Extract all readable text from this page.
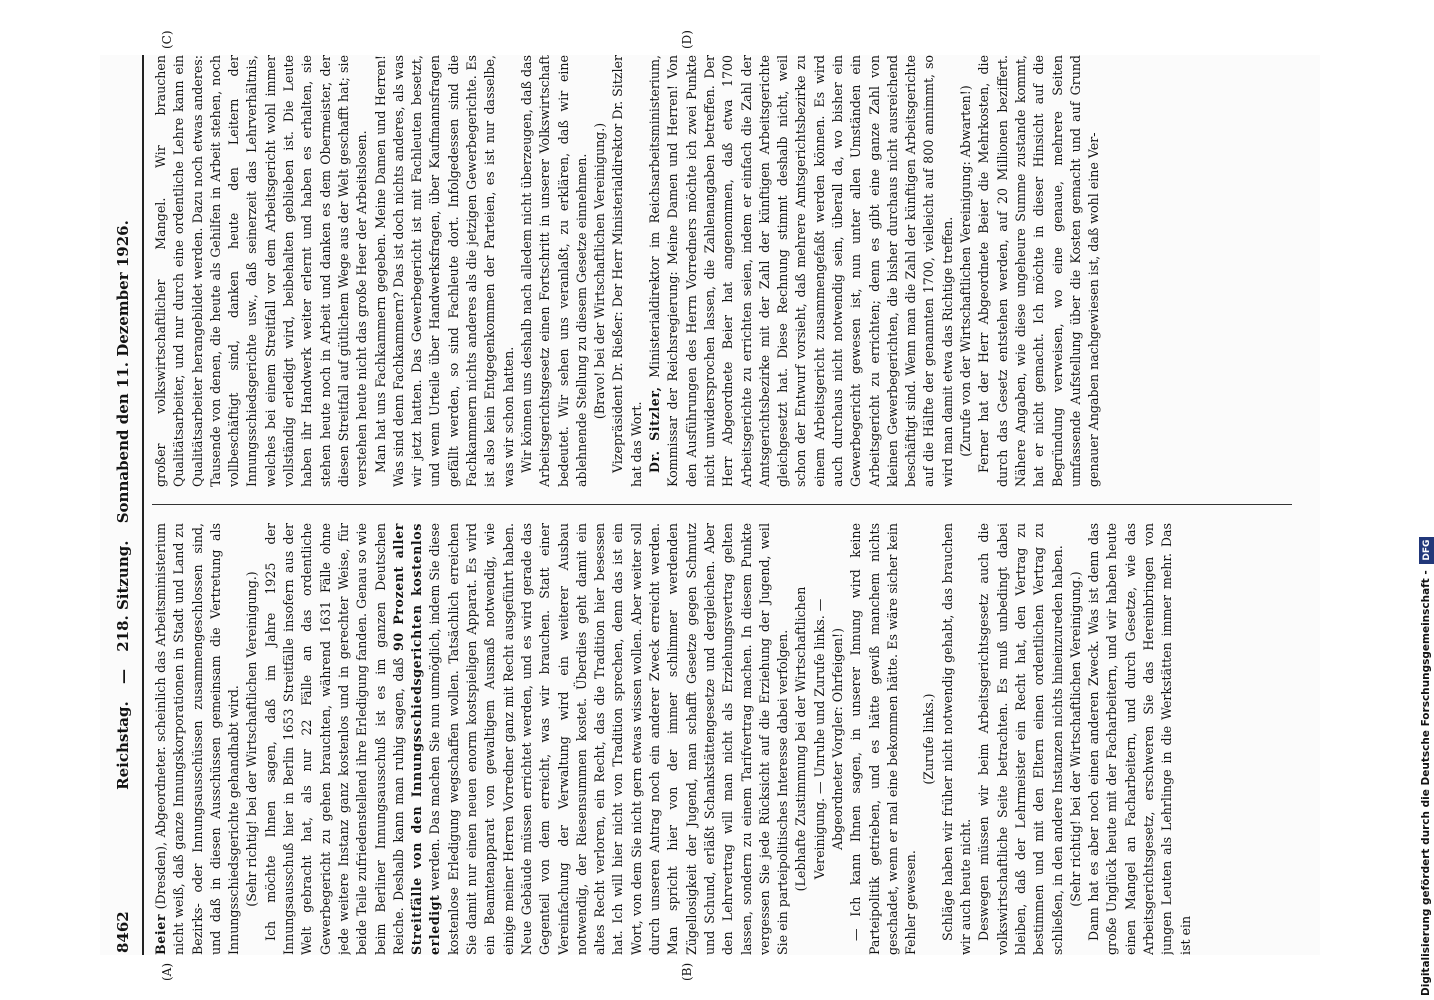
8462
Reichstag. — 218. Sitzung. Sonnabend den 11. Dezember 1926.
(A)	(B)
(C)	(D)

Beier (Dresden), Abgeordneter. scheinlich das Arbeitsministerium nicht weiß, daß ganze Innungskorporationen in Stadt und Land zu Bezirks- oder Innungsausschüssen zusammengeschlossen sind, und daß in diesen Ausschüssen gemeinsam die Vertretung als Innungsschiedsgerichte gehandhabt wird. (Sehr richtig! bei der Wirtschaftlichen Vereinigung.) Ich möchte Ihnen sagen, daß im Jahre 1925 der Innungsausschuß hier in Berlin 1653 Streitfälle insofern aus der Welt gebracht hat, als nur 22 Fälle an das ordentliche Gewerbegericht zu gehen brauchten, während 1631 Fälle ohne jede weitere Instanz ganz kostenlos und in gerechter Weise, für beide Teile zufriedenstellend ihre Erledigung fanden. Genau so wie beim Berliner Innungsausschuß ist es im ganzen Deutschen Reiche. Deshalb kann man ruhig sagen, daß 90 Prozent aller Streitfälle von den Innungsschiedsgerichten kostenlos erledigt werden. Das machen Sie nun unmöglich, indem Sie diese kostenlose Erledigung wegschaffen wollen. Tatsächlich erreichen Sie damit nur einen neuen enorm kostspieligen Apparat. Es wird ein Beamtenapparat von gewaltigem Ausmaß notwendig, wie einige meiner Herren Vorredner ganz mit Recht ausgeführt haben. Neue Gebäude müssen errichtet werden, und es wird gerade das Gegenteil von dem erreicht, was wir brauchen. Statt einer Vereinfachung der Verwaltung wird ein weiterer Ausbau notwendig, der Riesensummen kostet. Überdies geht damit ein altes Recht verloren, ein Recht, das die Tradition hier besessen hat. Ich will hier nicht von Tradition sprechen, denn das ist ein Wort, von dem Sie nicht gern etwas wissen wollen. Aber weiter soll durch unseren Antrag noch ein anderer Zweck erreicht werden. Man spricht hier von der immer schlimmer werdenden Zügellosigkeit der Jugend, man schafft Gesetze gegen Schmutz und Schund, erläßt Schankstättengesetze und dergleichen. Aber den Lehrvertrag will man nicht als Erziehungsvertrag gelten lassen, sondern zu einem Tarifvertrag machen. In diesem Punkte vergessen Sie jede Rücksicht auf die Erziehung der Jugend, weil Sie ein parteipolitisches Interesse dabei verfolgen. (Lebhafte Zustimmung bei der Wirtschaftlichen Vereinigung. — Unruhe und Zurufe links. — Abgeordneter Vorgler: Ohrfeigen!) — Ich kann Ihnen sagen, in unserer Innung wird keine Parteipolitik getrieben, und es hätte gewiß manchem nichts geschadet, wenn er mal eine bekommen hätte. Es wäre sicher kein Fehler gewesen.

(Zurufe links.) Schläge haben wir früher nicht notwendig gehabt, das brauchen wir auch heute nicht. Deswegen müssen wir beim Arbeitsgerichtsgesetz auch die volkswirtschaftliche Seite betrachten. Es muß unbedingt dabei bleiben, daß der Lehrmeister ein Recht hat, den Vertrag zu bestimmen und mit den Eltern einen ordentlichen Vertrag zu schließen, in den andere Instanzen nichts hineinzureden haben. (Sehr richtig! bei der Wirtschaftlichen Vereinigung.) Dann hat es aber noch einen anderen Zweck. Was ist denn das große Unglück heute mit der Facharbeitern, und wir haben heute einen Mangel an Facharbeitern, und durch Gesetze, wie das Arbeitsgerichtsgesetz, erschweren Sie das Hereinbringen von jungen Leuten als Lehrlinge in die Werkstätten immer mehr. Das ist ein

großer volkswirtschaftlicher Mangel. Wir brauchen Qualitätsarbeiter, und nur durch eine ordentliche Lehre kann ein Qualitätsarbeiter herangebildet werden. Dazu noch etwas anderes: Tausende von denen, die heute als Gehilfen in Arbeit stehen, noch vollbeschäftigt sind, danken heute den Leitern der Innungsschiedsgerichte usw., daß seinerzeit das Lehrverhältnis, welches bei einem Streitfall vor dem Arbeitsgericht wohl immer vollständig erledigt wird, beibehalten geblieben ist. Die Leute haben ihr Handwerk weiter erlernt und haben es erhalten, sie stehen heute noch in Arbeit und danken es dem Obermeister, der diesen Streitfall auf gütlichem Wege aus der Welt geschafft hat; sie verstehen heute nicht das große Heer der Arbeitslosen. Man hat uns Fachkammern gegeben. Meine Damen und Herren! Was sind denn Fachkammern? Das ist doch nichts anderes, als was wir jetzt hatten. Das Gewerbegericht ist mit Fachleuten besetzt, und wenn Urteile über Handwerksfragen, über Kaufmannsfragen gefällt werden, so sind Fachleute dort. Infolgedessen sind die Fachkammern nichts anderes als die jetzigen Gewerbegerichte. Es ist also kein Entgegenkommen der Parteien, es ist nur dasselbe, was wir schon hatten. Wir können uns deshalb nach alledem nicht überzeugen, daß das Arbeitsgerichtsgesetz einen Fortschritt in unserer Volkswirtschaft bedeutet. Wir sehen uns veranlaßt, zu erklären, daß wir eine ablehnende Stellung zu diesem Gesetze einnehmen. (Bravo! bei der Wirtschaftlichen Vereinigung.) Vizepräsident Dr. Rießer: Der Herr Ministerialdirektor Dr. Sitzler hat das Wort. Dr. Sitzler, Ministerialdirektor im Reichsarbeitsministerium, Kommissar der Reichsregierung: Meine Damen und Herren! Von den Ausführungen des Herrn Vorredners möchte ich zwei Punkte nicht unwidersprochen lassen, die Zahlenangaben betreffen. Der Herr Abgeordnete Beier hat angenommen, daß etwa 1700 Arbeitsgerichte zu errichten seien, indem er einfach die Zahl der Amtsgerichtsbezirke mit der Zahl der künftigen Arbeitsgerichte gleichgesetzt hat. Diese Rechnung stimmt deshalb nicht, weil schon der Entwurf vorsieht, daß mehrere Amtsgerichtsbezirke zu einem Arbeitsgericht zusammengefaßt werden können. Es wird auch durchaus nicht notwendig sein, überall da, wo bisher ein Gewerbegericht gewesen ist, nun unter allen Umständen ein Arbeitsgericht zu errichten; denn es gibt eine ganze Zahl von kleinen Gewerbegerichten, die bisher durchaus nicht ausreichend beschäftigt sind. Wenn man die Zahl der künftigen Arbeitsgerichte auf die Hälfte der genannten 1700, vielleicht auf 800 annimmt, so wird man damit etwa das Richtige treffen. (Zurufe von der Wirtschaftlichen Vereinigung: Abwarten!) Ferner hat der Herr Abgeordnete Beier die Mehrkosten, die durch das Gesetz entstehen werden, auf 20 Millionen beziffert. Nähere Angaben, wie diese ungeheure Summe zustande kommt, hat er nicht gemacht. Ich möchte in dieser Hinsicht auf die Begründung verweisen, wo eine genaue, mehrere Seiten umfassende Aufstellung über die Kosten gemacht und auf Grund genauer Angaben nachgewiesen ist, daß wohl eine Ver-

Digitalisierung gefördert durch die Deutsche Forschungsgemeinschaft - DFG
